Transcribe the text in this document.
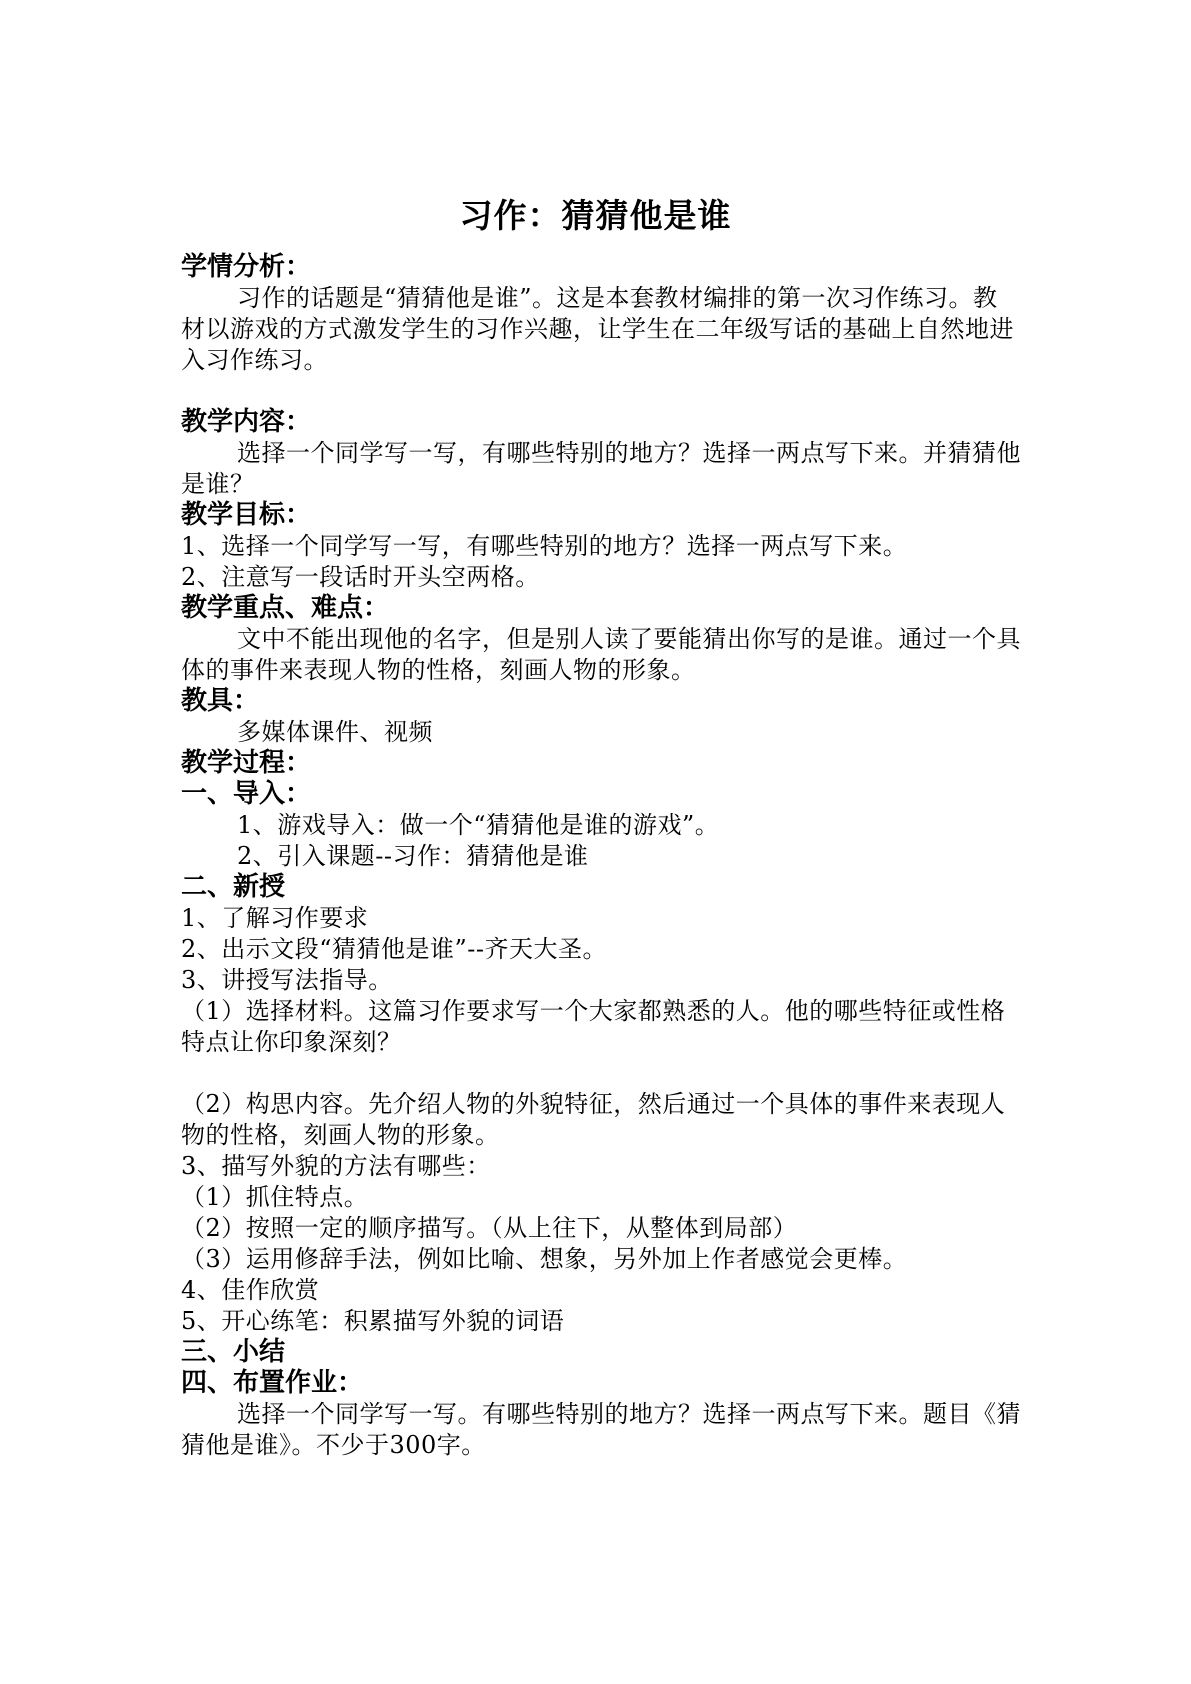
习作：猜猜他是谁

学情分析：

习作的话题是“猜猜他是谁”。这是本套教材编排的第一次习作练习。教材以游戏的方式激发学生的习作兴趣，让学生在二年级写话的基础上自然地进入习作练习。

教学内容：

选择一个同学写一写，有哪些特别的地方？选择一两点写下来。并猜猜他是谁？

教学目标：

1、选择一个同学写一写，有哪些特别的地方？选择一两点写下来。

2、注意写一段话时开头空两格。

教学重点、难点：

文中不能出现他的名字，但是别人读了要能猜出你写的是谁。通过一个具体的事件来表现人物的性格，刻画人物的形象。

教具：

多媒体课件、视频

教学过程：

一、导入：

1、游戏导入：做一个“猜猜他是谁的游戏”。

2、引入课题--习作：猜猜他是谁

二、新授

1、了解习作要求

2、出示文段“猜猜他是谁”--齐天大圣。

3、讲授写法指导。

（1）选择材料。这篇习作要求写一个大家都熟悉的人。他的哪些特征或性格特点让你印象深刻？

（2）构思内容。先介绍人物的外貌特征，然后通过一个具体的事件来表现人物的性格，刻画人物的形象。

3、描写外貌的方法有哪些：

（1）抓住特点。

（2）按照一定的顺序描写。（从上往下，从整体到局部）

（3）运用修辞手法，例如比喻、想象，另外加上作者感觉会更棒。

4、佳作欣赏

5、开心练笔：积累描写外貌的词语

三、小结

四、布置作业：

选择一个同学写一写。有哪些特别的地方？选择一两点写下来。题目《猜猜他是谁》。不少于300字。
